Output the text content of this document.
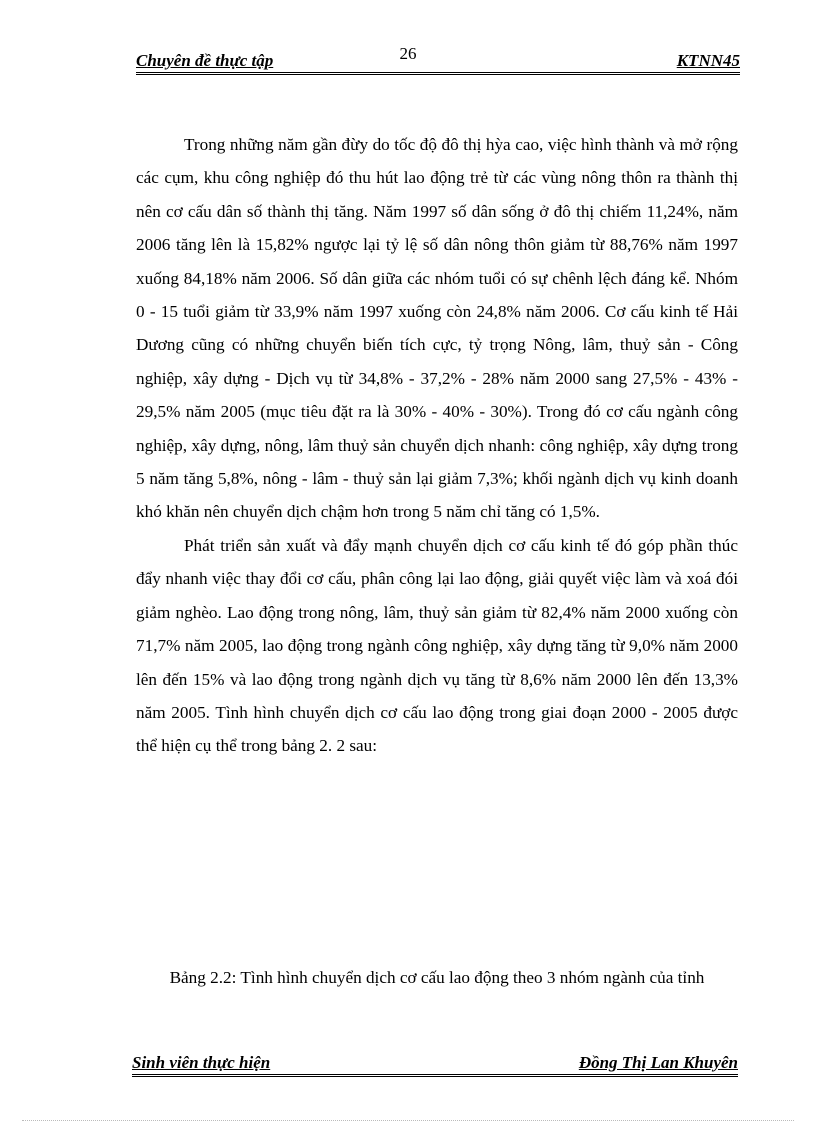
26
Chuyên đề thực tập	KTNN45

Trong những năm gần đừy do tốc độ đô thị hỳa cao, việc hình thành và mở rộng các cụm, khu công nghiệp đó thu hút lao động trẻ từ các vùng nông thôn ra thành thị nên cơ cấu dân số thành thị tăng. Năm 1997 số dân sống ở đô thị chiếm 11,24%, năm 2006 tăng lên là 15,82% ngược lại tỷ lệ số dân nông thôn giảm từ 88,76% năm 1997 xuống 84,18% năm 2006. Số dân giữa các nhóm tuổi có sự chênh lệch đáng kể. Nhóm 0 - 15 tuổi giảm từ 33,9% năm 1997 xuống còn 24,8% năm 2006. Cơ cấu kinh tế Hải Dương cũng có những chuyển biến tích cực, tỷ trọng Nông, lâm, thuỷ sản - Công nghiệp, xây dựng - Dịch vụ từ 34,8% - 37,2% - 28% năm 2000 sang 27,5% - 43% - 29,5% năm 2005 (mục tiêu đặt ra là 30% - 40% - 30%). Trong đó cơ cấu ngành công nghiệp, xây dựng, nông, lâm thuỷ sản chuyển dịch nhanh: công nghiệp, xây dựng trong 5 năm tăng 5,8%, nông - lâm - thuỷ sản lại giảm 7,3%; khối ngành dịch vụ kinh doanh khó khăn nên chuyển dịch chậm hơn trong 5 năm chỉ tăng có 1,5%.

Phát triển sản xuất và đẩy mạnh chuyển dịch cơ cấu kinh tế đó góp phần thúc đẩy nhanh việc thay đổi cơ cấu, phân công lại lao động, giải quyết việc làm và xoá đói giảm nghèo. Lao động trong nông, lâm, thuỷ sản giảm từ 82,4% năm 2000 xuống còn 71,7% năm 2005, lao động trong ngành công nghiệp, xây dựng tăng từ 9,0% năm 2000 lên đến 15% và lao động trong ngành dịch vụ tăng từ 8,6% năm 2000 lên đến 13,3% năm 2005. Tình hình chuyển dịch cơ cấu lao động trong giai đoạn 2000 - 2005 được thể hiện cụ thể trong bảng 2. 2 sau:

Bảng 2.2: Tình hình chuyển dịch cơ cấu lao động theo 3 nhóm ngành của tỉnh
Sinh viên thực hiện	Đồng Thị Lan Khuyên
